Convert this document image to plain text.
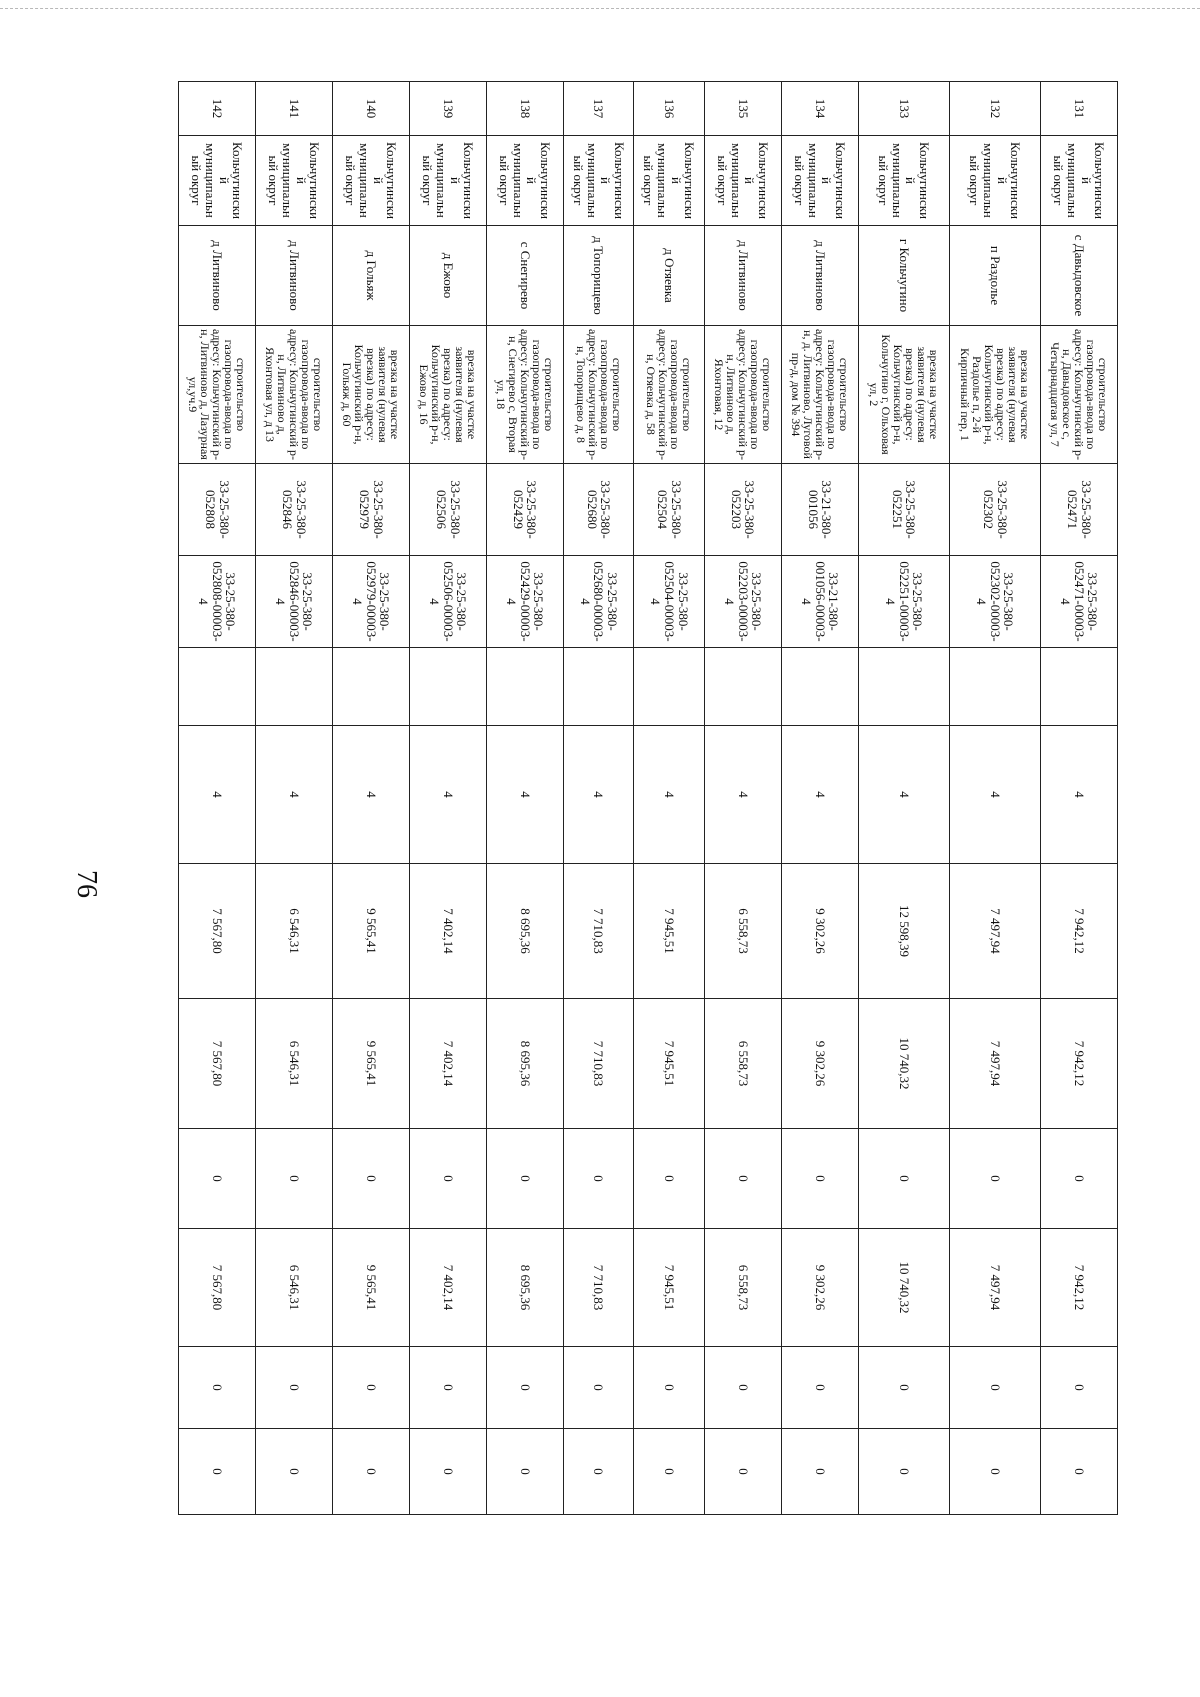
76
131	Кольчугинский муниципальный округ	с Давыдовское	строительство газопровода-ввода по адресу: Кольчугинский р-н, Давыдовское с, Четырнадцатая ул, 7	33-25-380-052471	33-25-380-052471-00003-4		4	7 942,12	7 942,12	0	7 942,12	0	0
132	Кольчугинский муниципальный округ	п Раздолье	врезка на участке заявителя (нулевая врезка) по адресу: Кольчугинский р-н, Раздолье п, 2-й Кирпичный пер, 1	33-25-380-052302	33-25-380-052302-00003-4		4	7 497,94	7 497,94	0	7 497,94	0	0
133	Кольчугинский муниципальный округ	г Кольчугино	врезка на участке заявителя (нулевая врезка) по адресу: Кольчугинский р-н, Кольчугино г, Ольховая ул, 2	33-25-380-052251	33-25-380-052251-00003-4		4	12 598,39	10 740,32	0	10 740,32	0	0
134	Кольчугинский муниципальный округ	д Литвиново	строительство газопровода-ввода по адресу: Кольчугинский р-н, д. Литвиново, Луговой пр-д, дом № 394	33-21-380-001056	33-21-380-001056-00003-4		4	9 302,26	9 302,26	0	9 302,26	0	0
135	Кольчугинский муниципальный округ	д Литвиново	строительство газопровода-ввода по адресу: Кольчугинский р-н, Литвиново д, Яхонтовая, 12	33-25-380-052203	33-25-380-052203-00003-4		4	6 558,73	6 558,73	0	6 558,73	0	0
136	Кольчугинский муниципальный округ	д Отяевка	строительство газопровода-ввода по адресу: Кольчугинский р-н, Отяевка д, 58	33-25-380-052504	33-25-380-052504-00003-4		4	7 945,51	7 945,51	0	7 945,51	0	0
137	Кольчугинский муниципальный округ	д Топорищево	строительство газопровода-ввода по адресу: Кольчугинский р-н, Топорищево д, 8	33-25-380-052680	33-25-380-052680-00003-4		4	7 710,83	7 710,83	0	7 710,83	0	0
138	Кольчугинский муниципальный округ	с Снегирево	строительство газопровода-ввода по адресу: Кольчугинский р-н, Снегирево с, Вторая ул, 18	33-25-380-052429	33-25-380-052429-00003-4		4	8 695,36	8 695,36	0	8 695,36	0	0
139	Кольчугинский муниципальный округ	д Ежово	врезка на участке заявителя (нулевая врезка) по адресу: Кольчугинский р-н, Ежово д, 16	33-25-380-052506	33-25-380-052506-00003-4		4	7 402,14	7 402,14	0	7 402,14	0	0
140	Кольчугинский муниципальный округ	д Гольяж	врезка на участке заявителя (нулевая врезка) по адресу: Кольчугинский р-н, Гольяж д, 60	33-25-380-052979	33-25-380-052979-00003-4		4	9 565,41	9 565,41	0	9 565,41	0	0
141	Кольчугинский муниципальный округ	д Литвиново	строительство газопровода-ввода по адресу: Кольчугинский р-н, Литвиново д, Яхонтовая ул, д 13	33-25-380-052846	33-25-380-052846-00003-4		4	6 546,31	6 546,31	0	6 546,31	0	0
142	Кольчугинский муниципальный округ	д Литвиново	строительство газопровода-ввода по адресу: Кольчугинский р-н, Литвиново д, Лазурная ул,уч.9	33-25-380-052808	33-25-380-052808-00003-4		4	7 567,80	7 567,80	0	7 567,80	0	0
